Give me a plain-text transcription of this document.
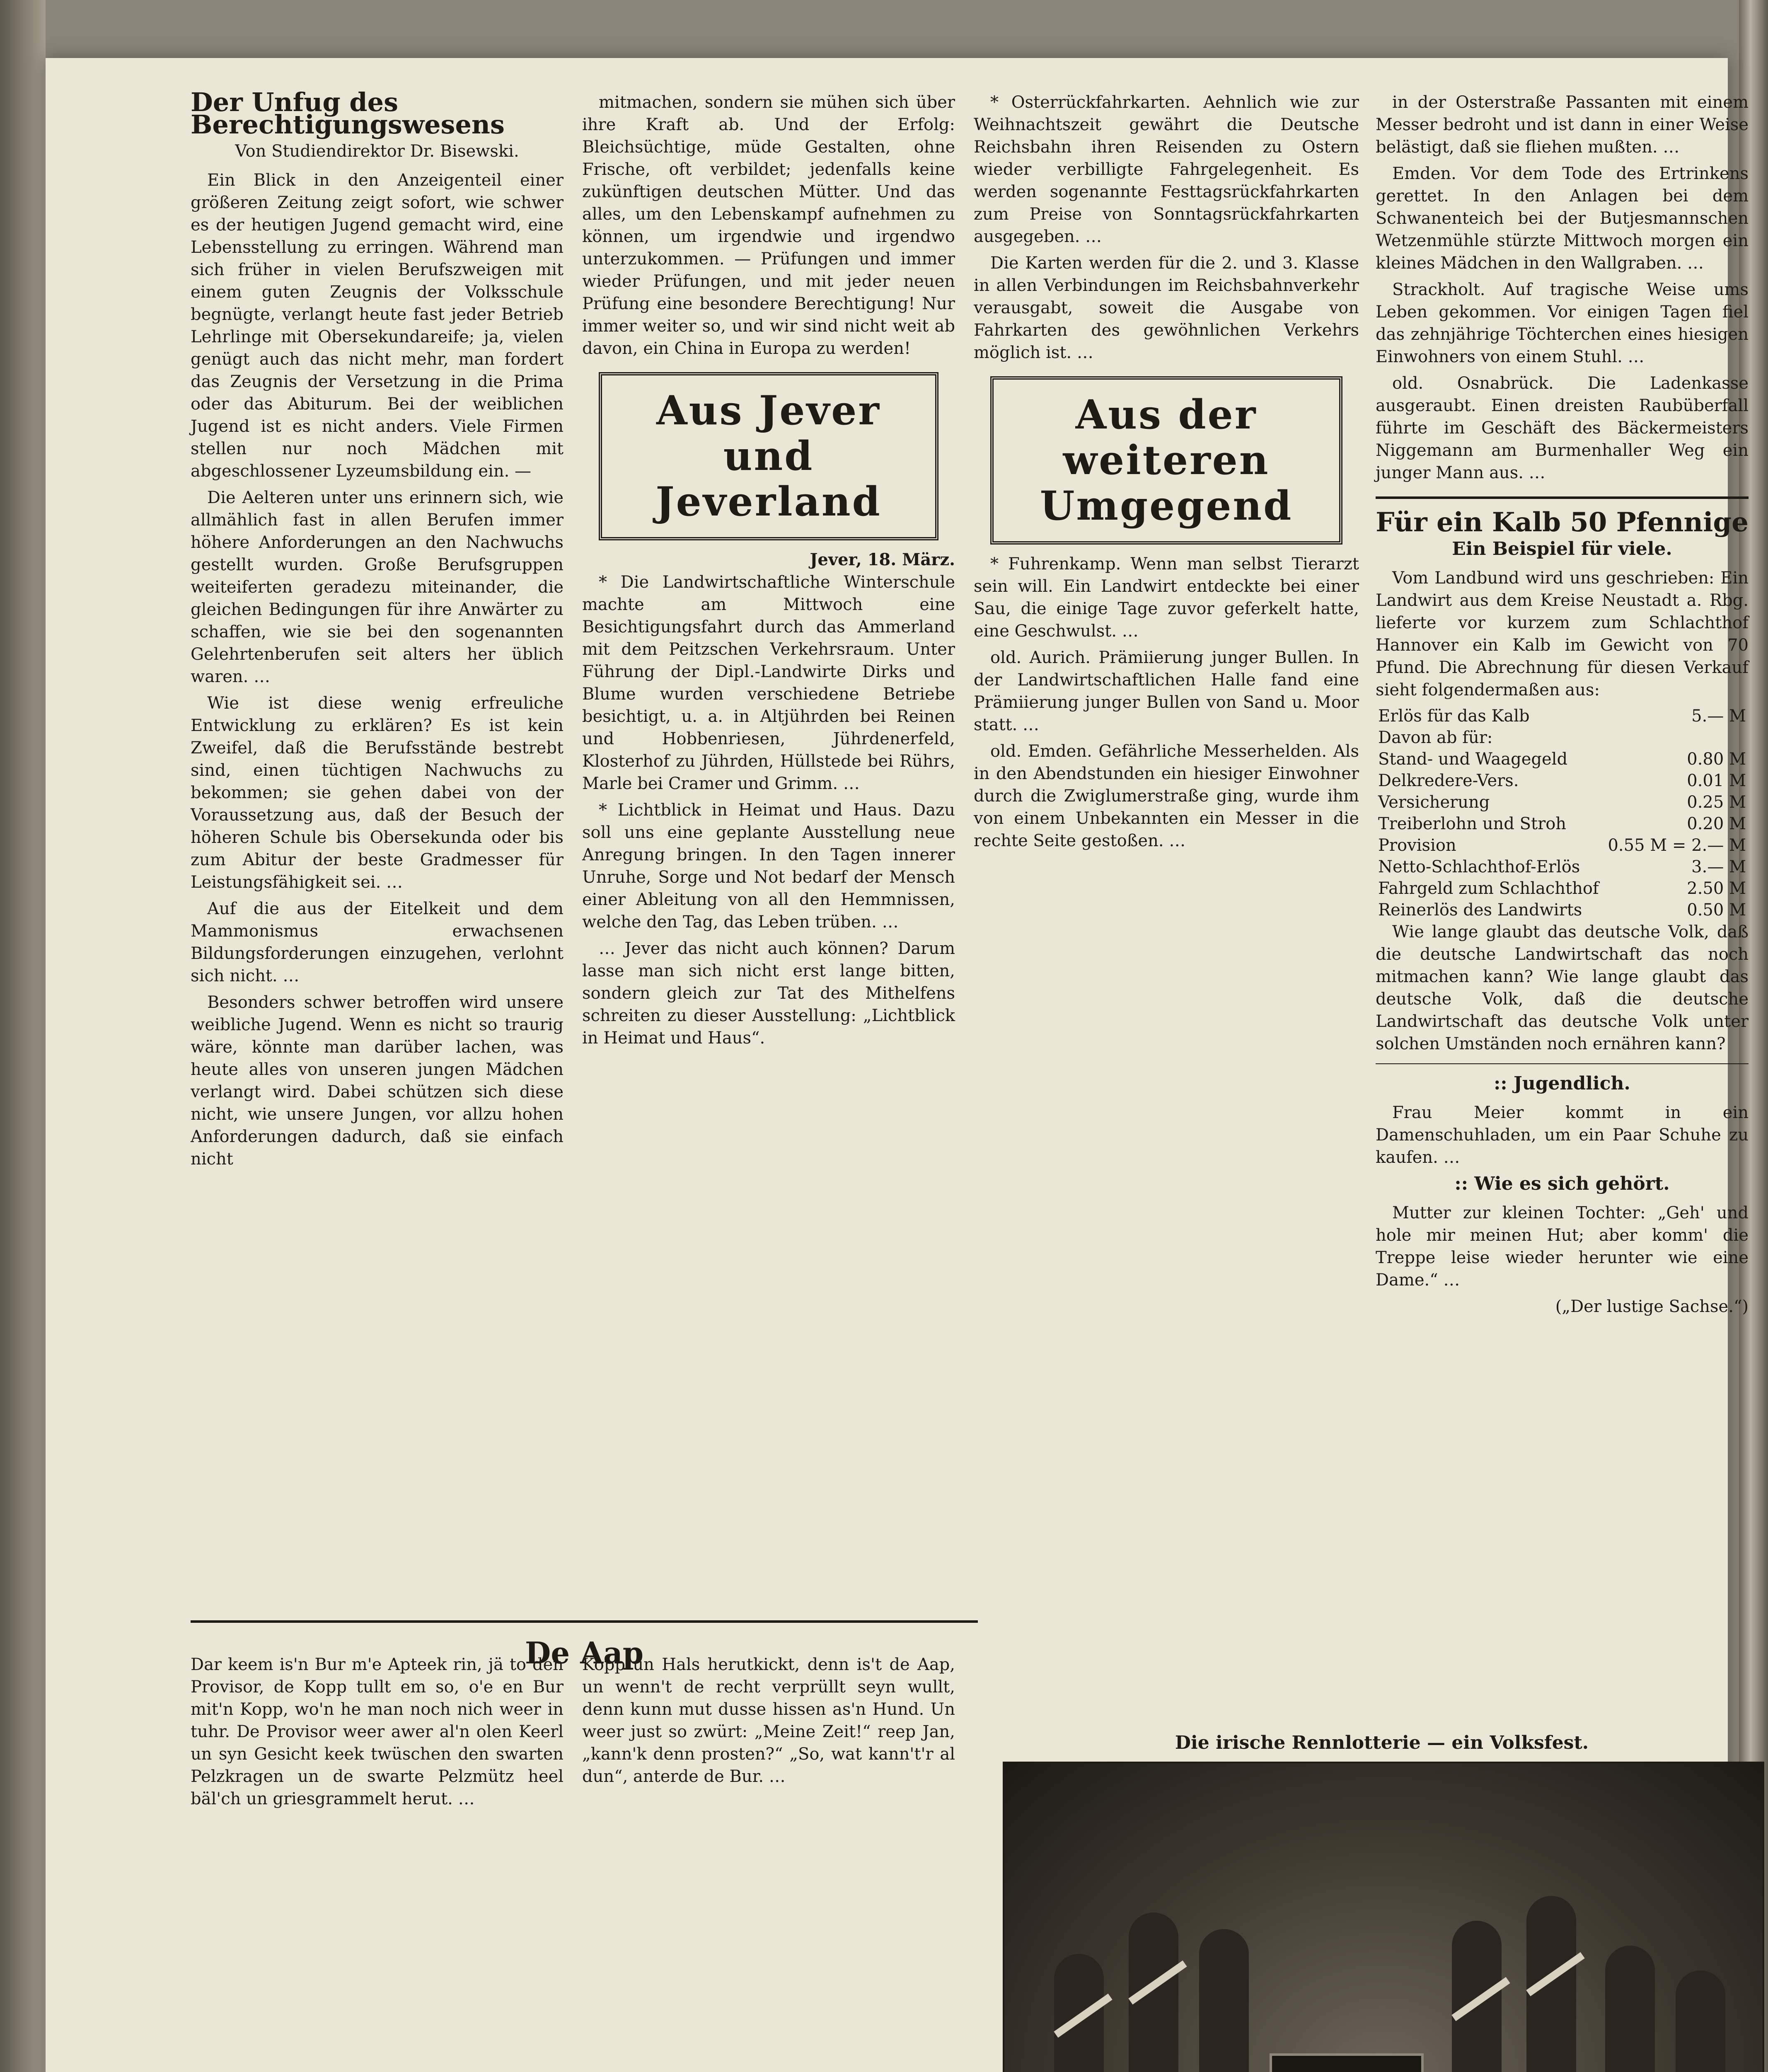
Der Unfug des Berechtigungswesens
Von Studiendirektor Dr. Bisewski.

Ein Blick in den Anzeigenteil einer größeren Zeitung zeigt sofort, wie schwer es der heutigen Jugend gemacht wird, eine Lebensstellung zu erringen. Während man sich früher in vielen Berufszweigen mit einem guten Zeugnis der Volksschule begnügte, verlangt heute fast jeder Betrieb Lehrlinge mit Obersekundareife; ja, vielen genügt auch das nicht mehr, man fordert das Zeugnis der Versetzung in die Prima oder das Abiturum. Bei der weiblichen Jugend ist es nicht anders. Viele Firmen stellen nur noch Mädchen mit abgeschlossener Lyzeumsbildung ein. —

Die Aelteren unter uns erinnern sich, wie allmählich fast in allen Berufen immer höhere Anforderungen an den Nachwuchs gestellt wurden. Große Berufsgruppen weiteiferten geradezu miteinander, die gleichen Bedingungen für ihre Anwärter zu schaffen, wie sie bei den sogenannten Gelehrtenberufen seit alters her üblich waren. …

Wie ist diese wenig erfreuliche Entwicklung zu erklären? Es ist kein Zweifel, daß die Berufsstände bestrebt sind, einen tüchtigen Nachwuchs zu bekommen; sie gehen dabei von der Voraussetzung aus, daß der Besuch der höheren Schule bis Obersekunda oder bis zum Abitur der beste Gradmesser für Leistungsfähigkeit sei. …

Auf die aus der Eitelkeit und dem Mammonismus erwachsenen Bildungsforderungen einzugehen, verlohnt sich nicht. …

Besonders schwer betroffen wird unsere weibliche Jugend. Wenn es nicht so traurig wäre, könnte man darüber lachen, was heute alles von unseren jungen Mädchen verlangt wird. Dabei schützen sich diese nicht, wie unsere Jungen, vor allzu hohen Anforderungen dadurch, daß sie einfach nicht

mitmachen, sondern sie mühen sich über ihre Kraft ab. Und der Erfolg: Bleichsüchtige, müde Gestalten, ohne Frische, oft verbildet; jedenfalls keine zukünftigen deutschen Mütter. Und das alles, um den Lebenskampf aufnehmen zu können, um irgendwie und irgendwo unterzukommen. — Prüfungen und immer wieder Prüfungen, und mit jeder neuen Prüfung eine besondere Berechtigung! Nur immer weiter so, und wir sind nicht weit ab davon, ein China in Europa zu werden!

Aus Jever
und Jeverland
Jever, 18. März.

* Die Landwirtschaftliche Winterschule machte am Mittwoch eine Besichtigungsfahrt durch das Ammerland mit dem Peitzschen Verkehrsraum. Unter Führung der Dipl.-Landwirte Dirks und Blume wurden verschiedene Betriebe besichtigt, u. a. in Altjührden bei Reinen und Hobbenriesen, Jührdenerfeld, Klosterhof zu Jührden, Hüllstede bei Rührs, Marle bei Cramer und Grimm. …

* Lichtblick in Heimat und Haus. Dazu soll uns eine geplante Ausstellung neue Anregung bringen. In den Tagen innerer Unruhe, Sorge und Not bedarf der Mensch einer Ableitung von all den Hemmnissen, welche den Tag, das Leben trüben. …

… Jever das nicht auch können? Darum lasse man sich nicht erst lange bitten, sondern gleich zur Tat des Mithelfens schreiten zu dieser Ausstellung: „Lichtblick in Heimat und Haus“.

* Osterrückfahrkarten. Aehnlich wie zur Weihnachtszeit gewährt die Deutsche Reichsbahn ihren Reisenden zu Ostern wieder verbilligte Fahrgelegenheit. Es werden sogenannte Festtagsrückfahrkarten zum Preise von Sonntagsrückfahrkarten ausgegeben. …

Die Karten werden für die 2. und 3. Klasse in allen Verbindungen im Reichsbahnverkehr verausgabt, soweit die Ausgabe von Fahrkarten des gewöhnlichen Verkehrs möglich ist. …

Aus der weiteren
Umgegend

* Fuhrenkamp. Wenn man selbst Tierarzt sein will. Ein Landwirt entdeckte bei einer Sau, die einige Tage zuvor geferkelt hatte, eine Geschwulst. …

old. Aurich. Prämiierung junger Bullen. In der Landwirtschaftlichen Halle fand eine Prämiierung junger Bullen von Sand u. Moor statt. …

old. Emden. Gefährliche Messerhelden. Als in den Abendstunden ein hiesiger Einwohner durch die Zwiglumerstraße ging, wurde ihm von einem Unbekannten ein Messer in die rechte Seite gestoßen. …

in der Osterstraße Passanten mit einem Messer bedroht und ist dann in einer Weise belästigt, daß sie fliehen mußten. …

Emden. Vor dem Tode des Ertrinkens gerettet. In den Anlagen bei dem Schwanenteich bei der Butjesmannschen Wetzenmühle stürzte Mittwoch morgen ein kleines Mädchen in den Wallgraben. …

Strackholt. Auf tragische Weise ums Leben gekommen. Vor einigen Tagen fiel das zehnjährige Töchterchen eines hiesigen Einwohners von einem Stuhl. …

old. Osnabrück. Die Ladenkasse ausgeraubt. Einen dreisten Raubüberfall führte im Geschäft des Bäckermeisters Niggemann am Burmenhaller Weg ein junger Mann aus. …

Für ein Kalb 50 Pfennige
Ein Beispiel für viele.

Vom Landbund wird uns geschrieben: Ein Landwirt aus dem Kreise Neustadt a. Rbg. lieferte vor kurzem zum Schlachthof Hannover ein Kalb im Gewicht von 70 Pfund. Die Abrechnung für diesen Verkauf sieht folgendermaßen aus:

Erlös für das Kalb	5.— M
Davon ab für:	
Stand- und Waagegeld	0.80 M
Delkredere-Vers.	0.01 M
Versicherung	0.25 M
Treiberlohn und Stroh	0.20 M
Provision	0.55 M = 2.— M
Netto-Schlachthof-Erlös	3.— M
Fahrgeld zum Schlachthof	2.50 M
Reinerlös des Landwirts	0.50 M

Wie lange glaubt das deutsche Volk, daß die deutsche Landwirtschaft das noch mitmachen kann? Wie lange glaubt das deutsche Volk, daß die deutsche Landwirtschaft das deutsche Volk unter solchen Umständen noch ernähren kann?

:: Jugendlich.

Frau Meier kommt in ein Damenschuhladen, um ein Paar Schuhe zu kaufen. …

:: Wie es sich gehört.

Mutter zur kleinen Tochter: „Geh' und hole mir meinen Hut; aber komm' die Treppe leise wieder herunter wie eine Dame.“ …

(„Der lustige Sachse.“)
De Aap
Dar keem is'n Bur m'e Apteek rin, jä to den Provisor, de Kopp tullt em so, o'e en Bur mit'n Kopp, wo'n he man noch nich weer in tuhr. De Provisor weer awer al'n olen Keerl un syn Gesicht keek twüschen den swarten Pelzkragen un de swarte Pelzmütz heel bäl'ch un griesgrammelt herut. …
Kopp un Hals herutkickt, denn is't de Aap, un wenn't de recht verprüllt seyn wullt, denn kunn mut dusse hissen as'n Hund. Un weer just so zwürt: „Meine Zeit!“ reep Jan, „kann'k denn prosten?“ „So, wat kann't'r al dun“, anterde de Bur. …
Die irische Rennlotterie — ein Volksfest.
